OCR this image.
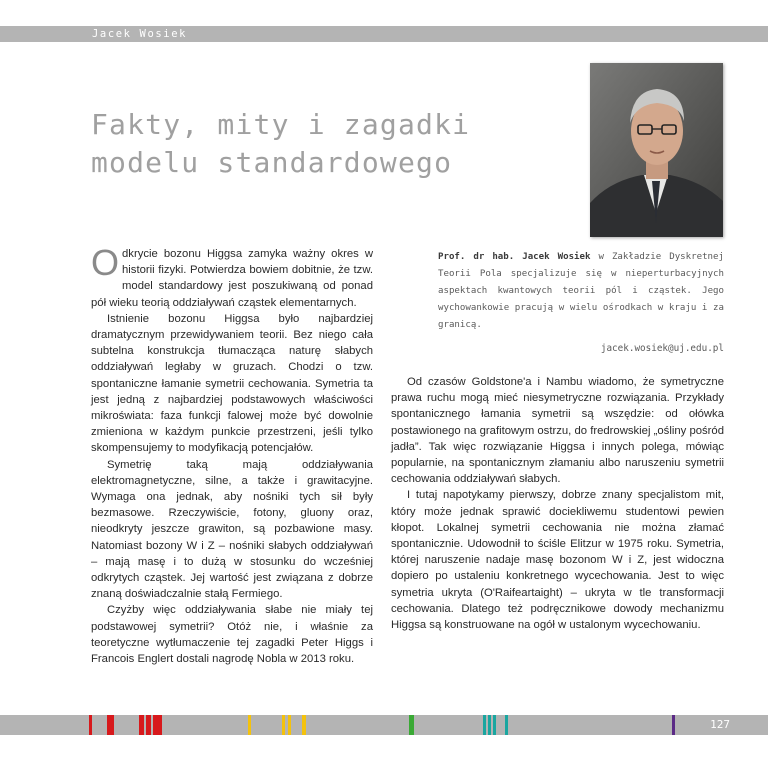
Jacek Wosiek
Fakty, mity i zagadki
modelu standardowego

Odkrycie bozonu Higgsa zamyka ważny okres w historii fizyki. Potwierdza bowiem dobitnie, że tzw. model standardowy jest poszukiwaną od ponad pół wieku teorią oddziaływań cząstek elementarnych.

Istnienie bozonu Higgsa było najbardziej dramatycznym przewidywaniem teorii. Bez niego cała subtelna konstrukcja tłumacząca naturę słabych oddziaływań ległaby w gruzach. Chodzi o tzw. spontaniczne łamanie symetrii cechowania. Symetria ta jest jedną z najbardziej podstawowych właściwości mikroświata: faza funkcji falowej może być dowolnie zmieniona w każdym punkcie przestrzeni, jeśli tylko skompensujemy to modyfikacją potencjałów.

Symetrię taką mają oddziaływania elektromagnetyczne, silne, a także i grawitacyjne. Wymaga ona jednak, aby nośniki tych sił były bezmasowe. Rzeczywiście, fotony, gluony oraz, nieodkryty jeszcze grawiton, są pozbawione masy. Natomiast bozony W i Z – nośniki słabych oddziaływań – mają masę i to dużą w stosunku do wcześniej odkrytych cząstek. Jej wartość jest związana z dobrze znaną doświadczalnie stałą Fermiego.

Czyżby więc oddziaływania słabe nie miały tej podstawowej symetrii? Otóż nie, i właśnie za teoretyczne wytłumaczenie tej zagadki Peter Higgs i Francois Englert dostali nagrodę Nobla w 2013 roku.

Prof. dr hab. Jacek Wosiek w Zakładzie Dyskretnej Teorii Pola specjalizuje się w nieperturbacyjnych aspektach kwantowych teorii pól i cząstek. Jego wychowankowie pracują w wielu ośrodkach w kraju i za granicą.

jacek.wosiek@uj.edu.pl

Od czasów Goldstone'a i Nambu wiadomo, że symetryczne prawa ruchu mogą mieć niesymetryczne rozwiązania. Przykłady spontanicznego łamania symetrii są wszędzie: od ołówka postawionego na grafitowym ostrzu, do fredrowskiej „ośliny pośród jadła”. Tak więc rozwiązanie Higgsa i innych polega, mówiąc popularnie, na spontanicznym złamaniu albo naruszeniu symetrii cechowania oddziaływań słabych.

I tutaj napotykamy pierwszy, dobrze znany specjalistom mit, który może jednak sprawić dociekliwemu studentowi pewien kłopot. Lokalnej symetrii cechowania nie można złamać spontanicznie. Udowodnił to ściśle Elitzur w 1975 roku. Symetria, której naruszenie nadaje masę bozonom W i Z, jest widoczna dopiero po ustaleniu konkretnego wycechowania. Jest to więc symetria ukryta (O'Raifeartaight) – ukryta w tle transformacji cechowania. Dlatego też podręcznikowe dowody mechanizmu Higgsa są konstruowane na ogół w ustalonym wycechowaniu.

127
